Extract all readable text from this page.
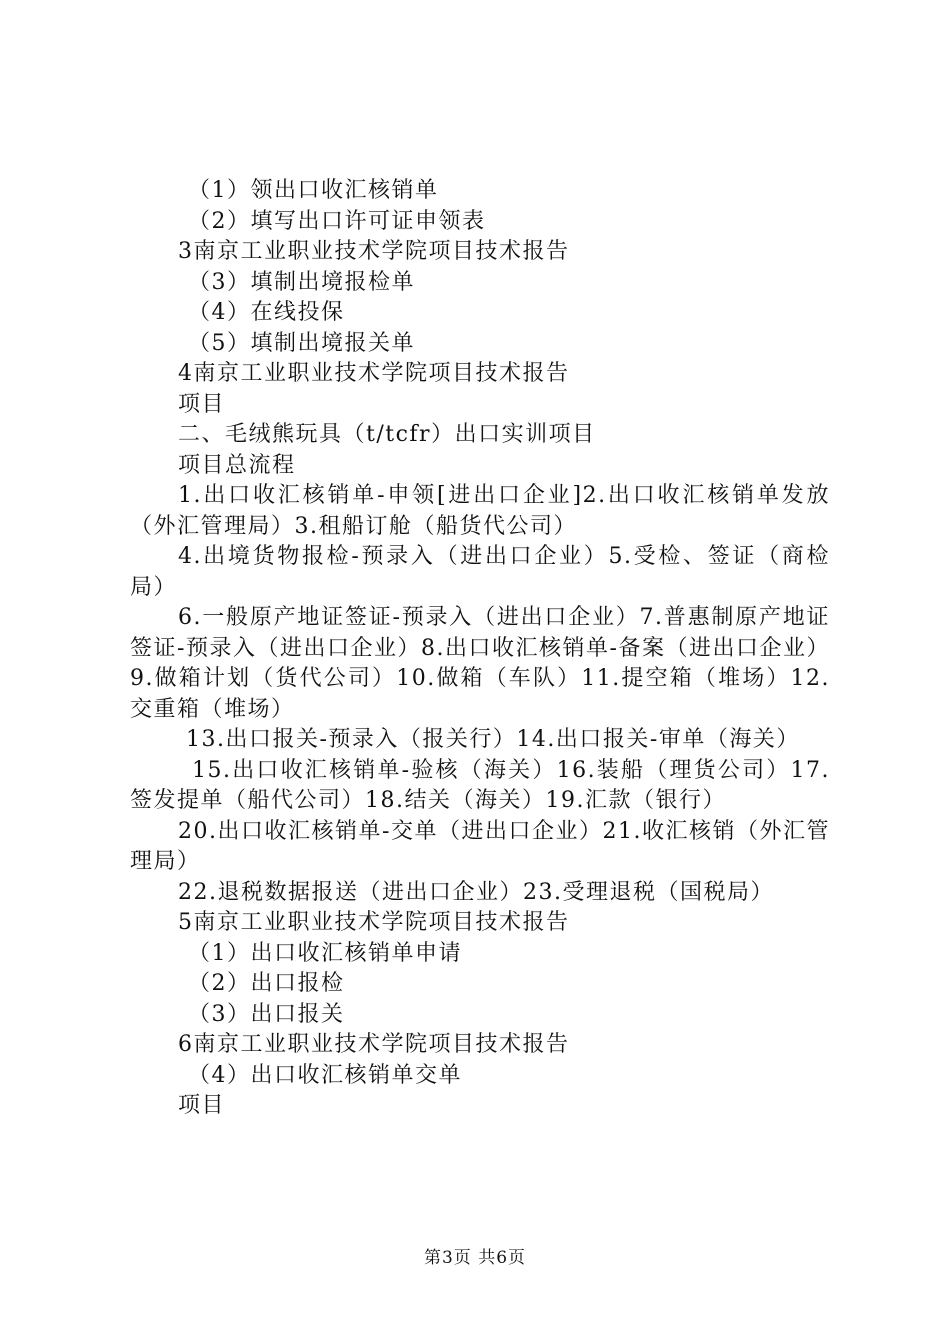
（1）领出口收汇核销单
（2）填写出口许可证申领表
3南京工业职业技术学院项目技术报告
（3）填制出境报检单
（4）在线投保
（5）填制出境报关单
4南京工业职业技术学院项目技术报告
项目
二、毛绒熊玩具（t/tcfr）出口实训项目
项目总流程
1.出口收汇核销单-申领[进出口企业]2.出口收汇核销单发放（外汇管理局）3.租船订舱（船货代公司）
4.出境货物报检-预录入（进出口企业）5.受检、签证（商检局）
6.一般原产地证签证-预录入（进出口企业）7.普惠制原产地证签证-预录入（进出口企业）8.出口收汇核销单-备案（进出口企业）9.做箱计划（货代公司）10.做箱（车队）11.提空箱（堆场）12.交重箱（堆场）
13.出口报关-预录入（报关行）14.出口报关-审单（海关）
15.出口收汇核销单-验核（海关）16.装船（理货公司）17.签发提单（船代公司）18.结关（海关）19.汇款（银行）
20.出口收汇核销单-交单（进出口企业）21.收汇核销（外汇管理局）
22.退税数据报送（进出口企业）23.受理退税（国税局）
5南京工业职业技术学院项目技术报告
（1）出口收汇核销单申请
（2）出口报检
（3）出口报关
6南京工业职业技术学院项目技术报告
（4）出口收汇核销单交单
项目
第3页 共6页
